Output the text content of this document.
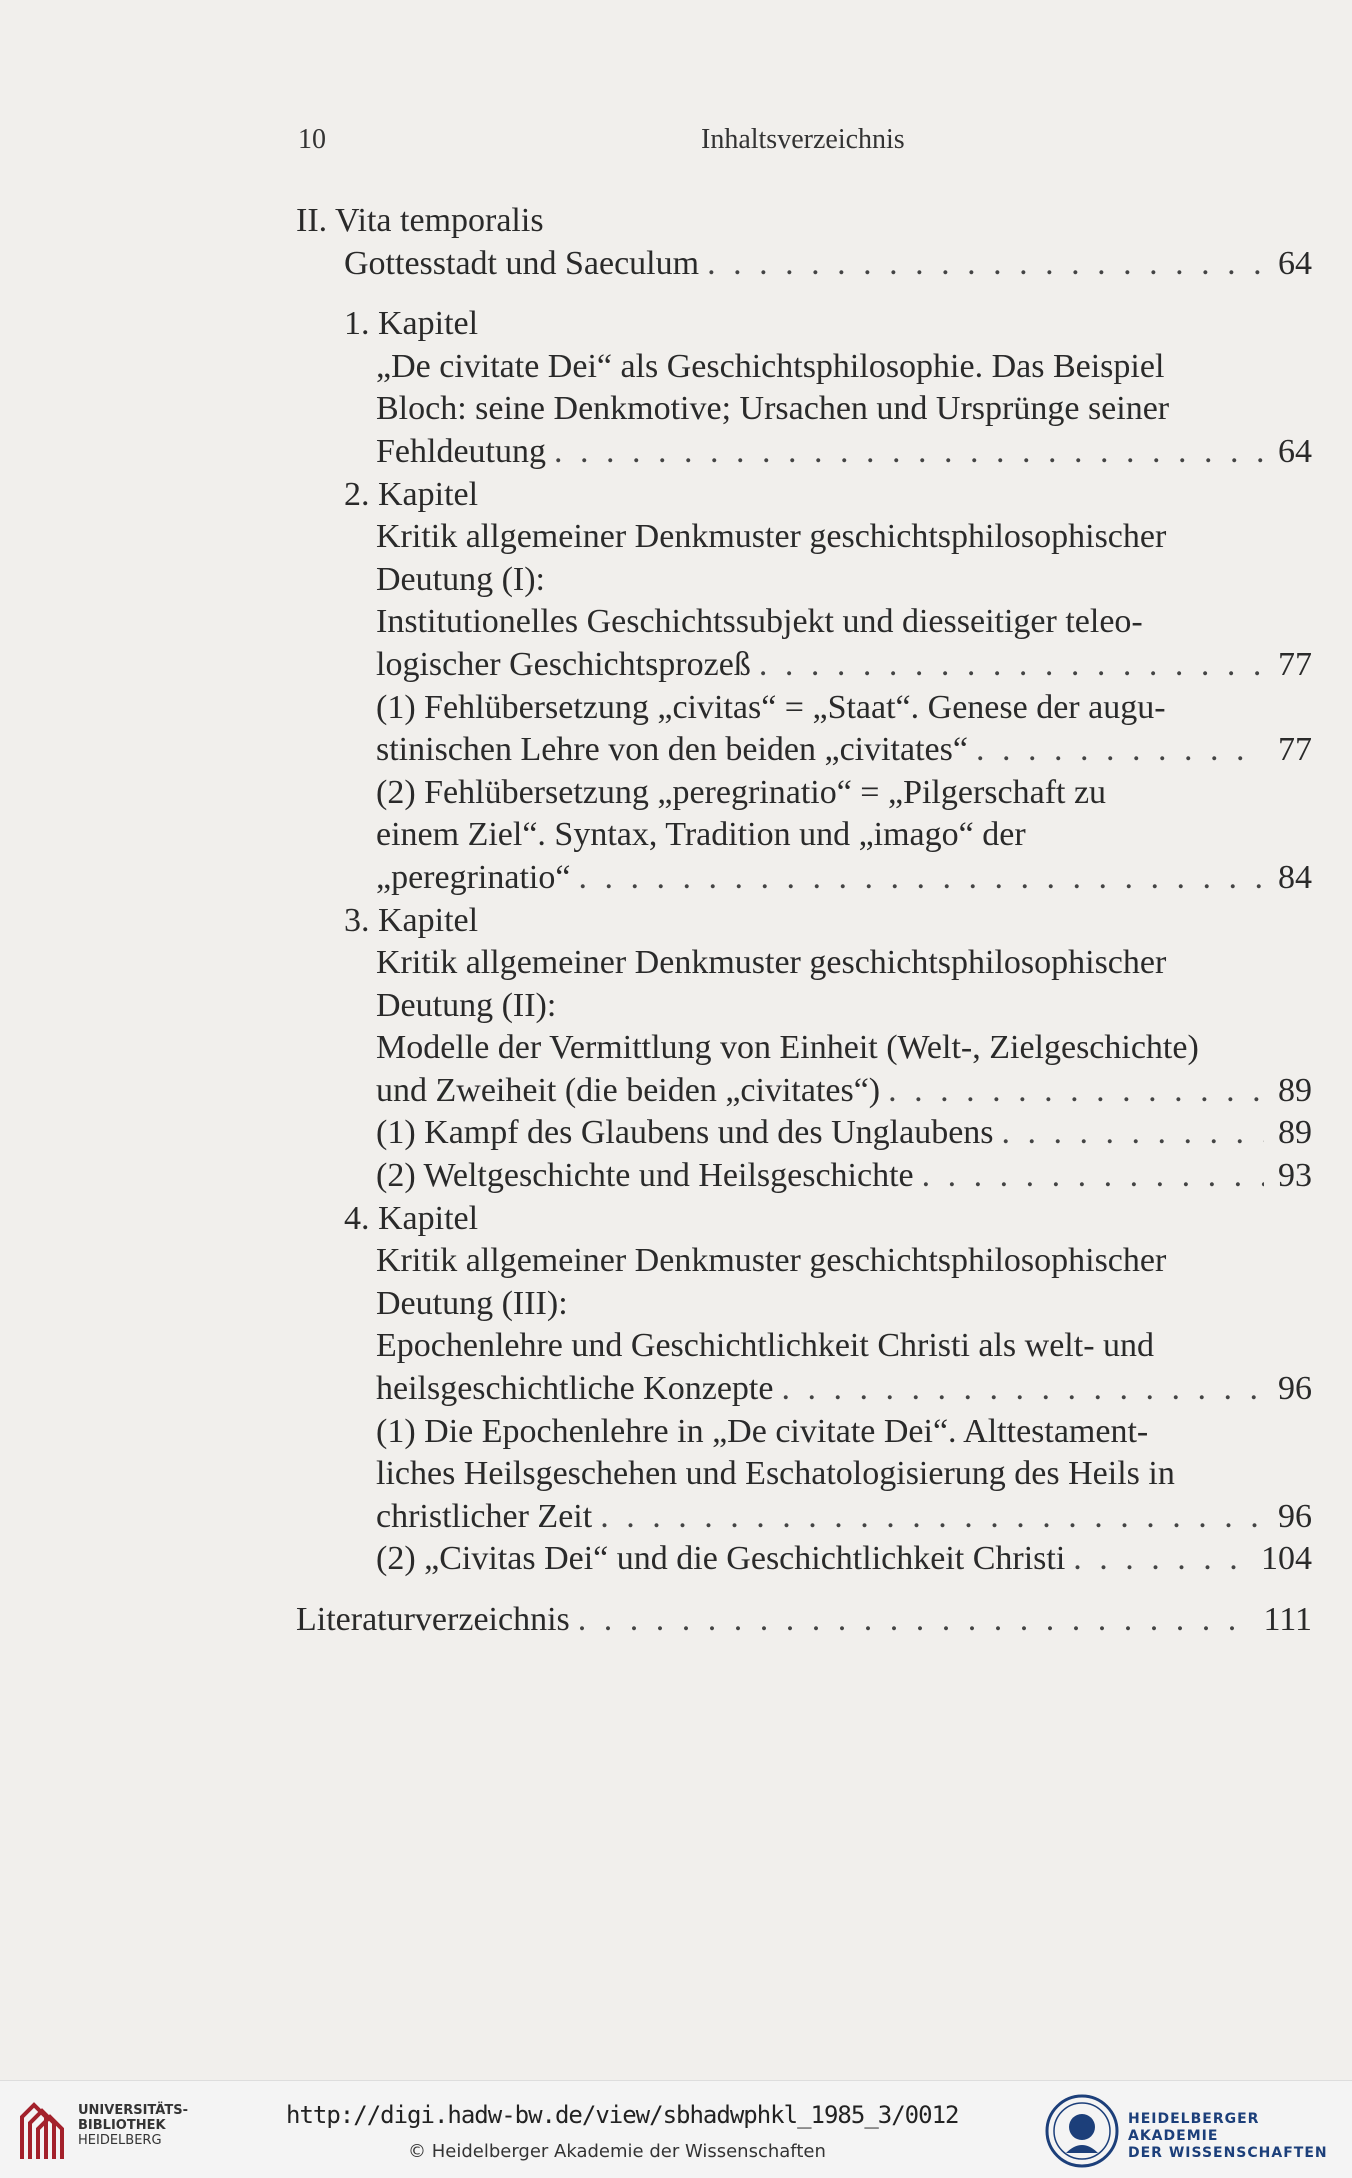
10	Inhaltsverzeichnis
II. Vita temporalis
Gottesstadt und Saeculum . . .	64
1. Kapitel
„De civitate Dei“ als Geschichtsphilosophie. Das Beispiel
Bloch: seine Denkmotive; Ursachen und Ursprünge seiner
Fehldeutung . . .	64
2. Kapitel
Kritik allgemeiner Denkmuster geschichtsphilosophischer
Deutung (I):
Institutionelles Geschichtssubjekt und diesseitiger teleo-
logischer Geschichtsprozeß . . .	77
(1) Fehlübersetzung „civitas“ = „Staat“. Genese der augu-
stinischen Lehre von den beiden „civitates“ . . .	77
(2) Fehlübersetzung „peregrinatio“ = „Pilgerschaft zu
einem Ziel“. Syntax, Tradition und „imago“ der
„peregrinatio“ . . .	84
3. Kapitel
Kritik allgemeiner Denkmuster geschichtsphilosophischer
Deutung (II):
Modelle der Vermittlung von Einheit (Welt-, Zielgeschichte)
und Zweiheit (die beiden „civitates“) . . .	89
(1) Kampf des Glaubens und des Unglaubens . . .	89
(2) Weltgeschichte und Heilsgeschichte . . .	93
4. Kapitel
Kritik allgemeiner Denkmuster geschichtsphilosophischer
Deutung (III):
Epochenlehre und Geschichtlichkeit Christi als welt- und
heilsgeschichtliche Konzepte . . .	96
(1) Die Epochenlehre in „De civitate Dei“. Alttestament-
liches Heilsgeschehen und Eschatologisierung des Heils in
christlicher Zeit . . .	96
(2) „Civitas Dei“ und die Geschichtlichkeit Christi . . .	104
Literaturverzeichnis . . .	111
UNIVERSITÄTS-
BIBLIOTHEK
HEIDELBERG
http://digi.hadw-bw.de/view/sbhadwphkl_1985_3/0012
© Heidelberger Akademie der Wissenschaften
HEIDELBERGER AKADEMIE
DER WISSENSCHAFTEN
